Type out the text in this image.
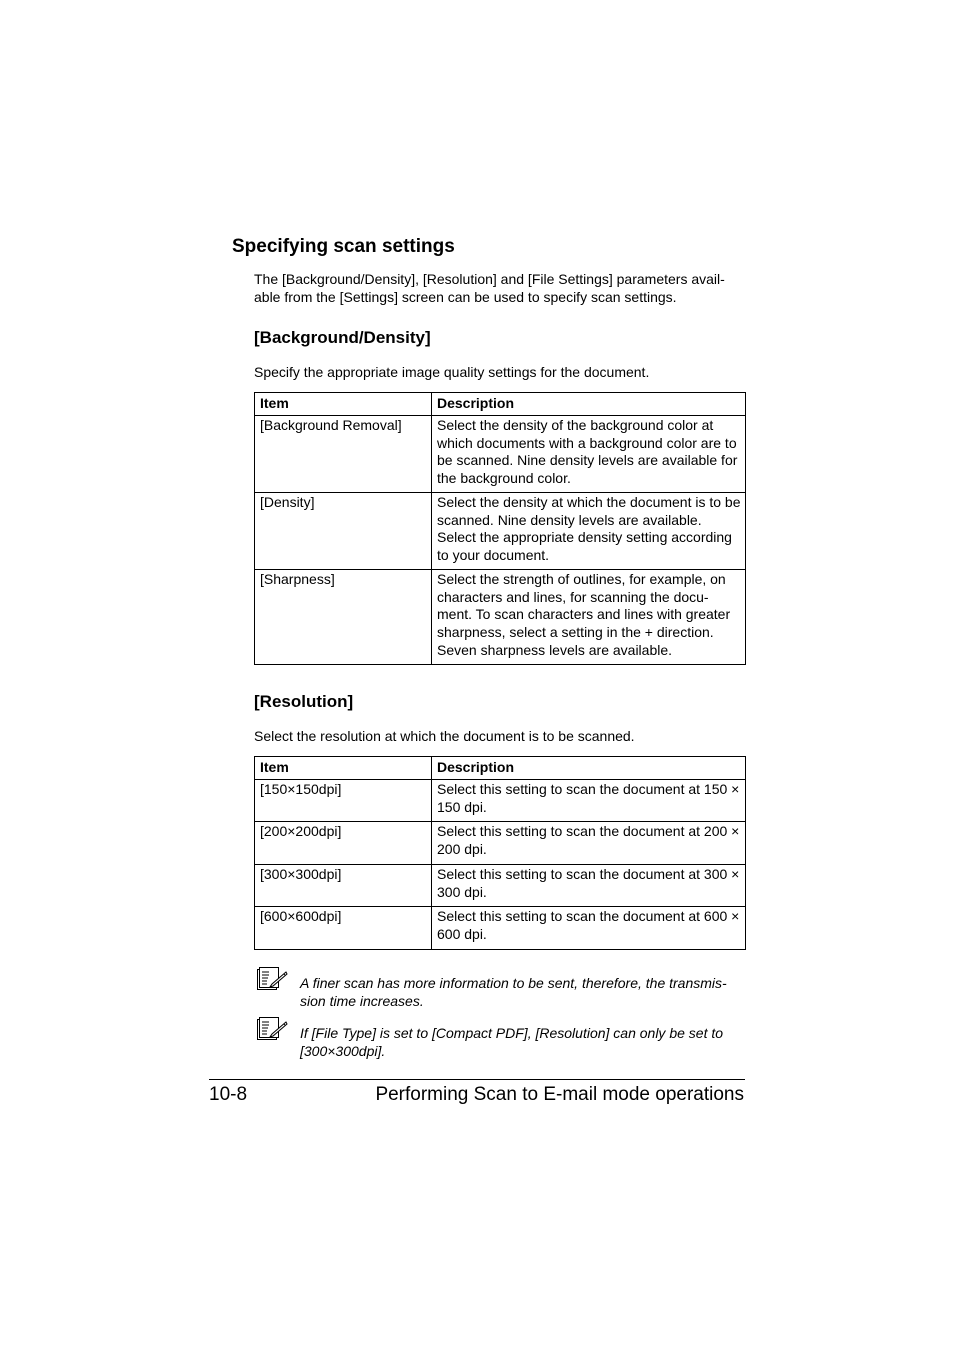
Specifying scan settings

The [Background/Density], [Resolution] and [File Settings] parameters avail-able from the [Settings] screen can be used to specify scan settings.

[Background/Density]

Specify the appropriate image quality settings for the document.

Item	Description
[Background Removal]	Select the density of the background color at which documents with a background color are to be scanned. Nine density levels are available for the background color.
[Density]	Select the density at which the document is to be scanned. Nine density levels are available. Select the appropriate density setting according to your document.
[Sharpness]	Select the strength of outlines, for example, on characters and lines, for scanning the docu-ment. To scan characters and lines with greater sharpness, select a setting in the + direction. Seven sharpness levels are available.
[Resolution]

Select the resolution at which the document is to be scanned.

Item	Description
[150×150dpi]	Select this setting to scan the document at 150 × 150 dpi.
[200×200dpi]	Select this setting to scan the document at 200 × 200 dpi.
[300×300dpi]	Select this setting to scan the document at 300 × 300 dpi.
[600×600dpi]	Select this setting to scan the document at 600 × 600 dpi.

A finer scan has more information to be sent, therefore, the transmis-sion time increases.

If [File Type] is set to [Compact PDF], [Resolution] can only be set to [300×300dpi].

10-8	Performing Scan to E-mail mode operations
